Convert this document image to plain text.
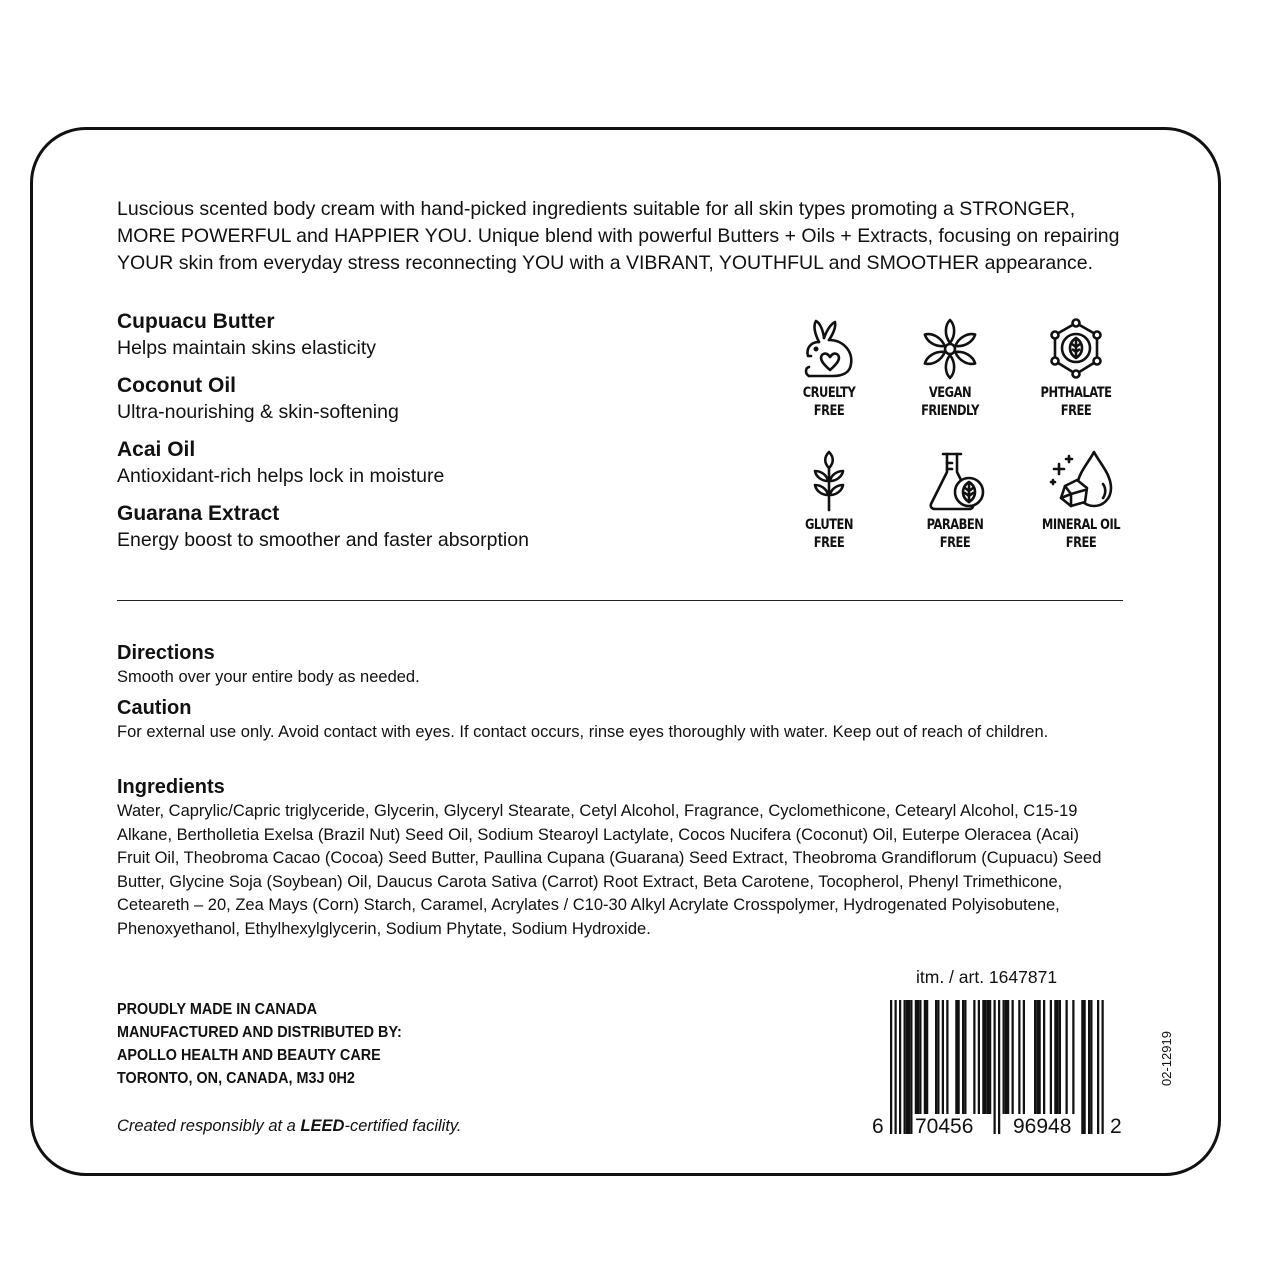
Luscious scented body cream with hand-picked ingredients suitable for all skin types promoting a STRONGER, MORE POWERFUL and HAPPIER YOU. Unique blend with powerful Butters + Oils + Extracts, focusing on repairing YOUR skin from everyday stress reconnecting YOU with a VIBRANT, YOUTHFUL and SMOOTHER appearance.

Cupuacu Butter

Helps maintain skins elasticity

Coconut Oil

Ultra-nourishing & skin-softening

Acai Oil

Antioxidant-rich helps lock in moisture

Guarana Extract

Energy boost to smoother and faster absorption

CRUELTY
FREE
VEGAN
FRIENDLY
PHTHALATE
FREE
GLUTEN
FREE
PARABEN
FREE
MINERAL OIL
FREE

Directions

Smooth over your entire body as needed.

Caution

For external use only. Avoid contact with eyes. If contact occurs, rinse eyes thoroughly with water. Keep out of reach of children.

Ingredients

Water, Caprylic/Capric triglyceride, Glycerin, Glyceryl Stearate, Cetyl Alcohol, Fragrance, Cyclomethicone, Cetearyl Alcohol, C15-19 Alkane, Bertholletia Exelsa (Brazil Nut) Seed Oil, Sodium Stearoyl Lactylate, Cocos Nucifera (Coconut) Oil, Euterpe Oleracea (Acai) Fruit Oil, Theobroma Cacao (Cocoa) Seed Butter, Paullina Cupana (Guarana) Seed Extract, Theobroma Grandiflorum (Cupuacu) Seed Butter, Glycine Soja (Soybean) Oil, Daucus Carota Sativa (Carrot) Root Extract, Beta Carotene, Tocopherol, Phenyl Trimethicone, Ceteareth – 20, Zea Mays (Corn) Starch, Caramel, Acrylates / C10-30 Alkyl Acrylate Crosspolymer, Hydrogenated Polyisobutene, Phenoxyethanol, Ethylhexylglycerin, Sodium Phytate, Sodium Hydroxide.

itm. / art. 1647871
PROUDLY MADE IN CANADA
MANUFACTURED AND DISTRIBUTED BY:
APOLLO HEALTH AND BEAUTY CARE
TORONTO, ON, CANADA, M3J 0H2
Created responsibly at a LEED-certified facility.	6 70456 96948 2
02-12919
